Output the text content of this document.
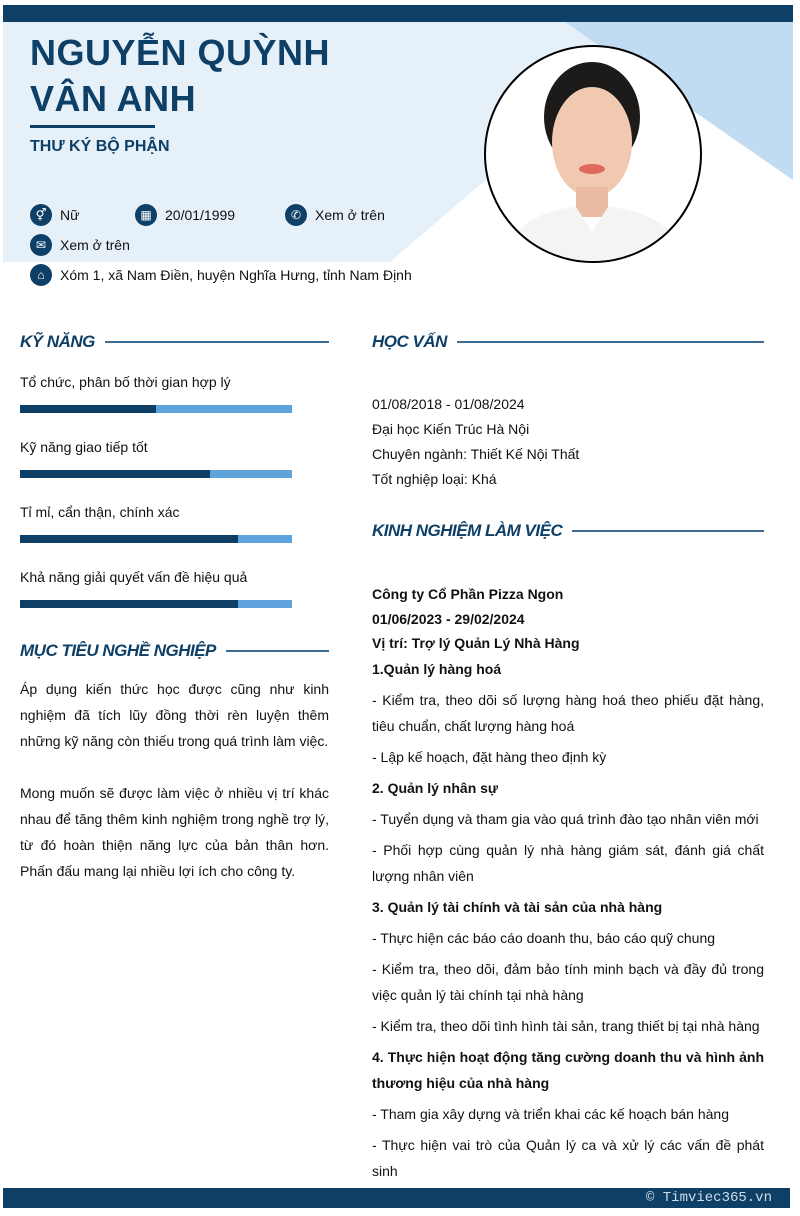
NGUYỄN QUỲNH
VÂN ANH
THƯ KÝ BỘ PHẬN
⚥ Nữ	▦ 20/01/1999	✆ Xem ở trên
✉ Xem ở trên
⌂	Xóm 1, xã Nam Điền, huyện Nghĩa Hưng, tỉnh Nam Định
KỸ NĂNG
Tổ chức, phân bố thời gian hợp lý
Kỹ năng giao tiếp tốt
Tỉ mỉ, cẩn thận, chính xác
Khả năng giải quyết vấn đề hiệu quả
MỤC TIÊU NGHỀ NGHIỆP
Áp dụng kiến thức học được cũng như kinh nghiệm đã tích lũy đồng thời rèn luyện thêm những kỹ năng còn thiếu trong quá trình làm việc.
Mong muốn sẽ được làm việc ở nhiều vị trí khác nhau để tăng thêm kinh nghiệm trong nghề trợ lý, từ đó hoàn thiện năng lực của bản thân hơn. Phấn đấu mang lại nhiều lợi ích cho công ty.
HỌC VẤN
01/08/2018 - 01/08/2024
Đại học Kiến Trúc Hà Nội
Chuyên ngành: Thiết Kế Nội Thất
Tốt nghiệp loại: Khá
KINH NGHIỆM LÀM VIỆC
Công ty Cổ Phần Pizza Ngon
01/06/2023 - 29/02/2024
Vị trí: Trợ lý Quản Lý Nhà Hàng
1.Quản lý hàng hoá
- Kiểm tra, theo dõi số lượng hàng hoá theo phiếu đặt hàng, tiêu chuẩn, chất lượng hàng hoá
- Lập kế hoạch, đặt hàng theo định kỳ
2. Quản lý nhân sự
- Tuyển dụng và tham gia vào quá trình đào tạo nhân viên mới
- Phối hợp cùng quản lý nhà hàng giám sát, đánh giá chất lượng nhân viên
3. Quản lý tài chính và tài sản của nhà hàng
- Thực hiện các báo cáo doanh thu, báo cáo quỹ chung
- Kiểm tra, theo dõi, đảm bảo tính minh bạch và đầy đủ trong việc quản lý tài chính tại nhà hàng
- Kiểm tra, theo dõi tình hình tài sản, trang thiết bị tại nhà hàng
4. Thực hiện hoạt động tăng cường doanh thu và hình ảnh thương hiệu của nhà hàng
- Tham gia xây dựng và triển khai các kế hoạch bán hàng
- Thực hiện vai trò của Quản lý ca và xử lý các vấn đề phát sinh
© Timviec365.vn
